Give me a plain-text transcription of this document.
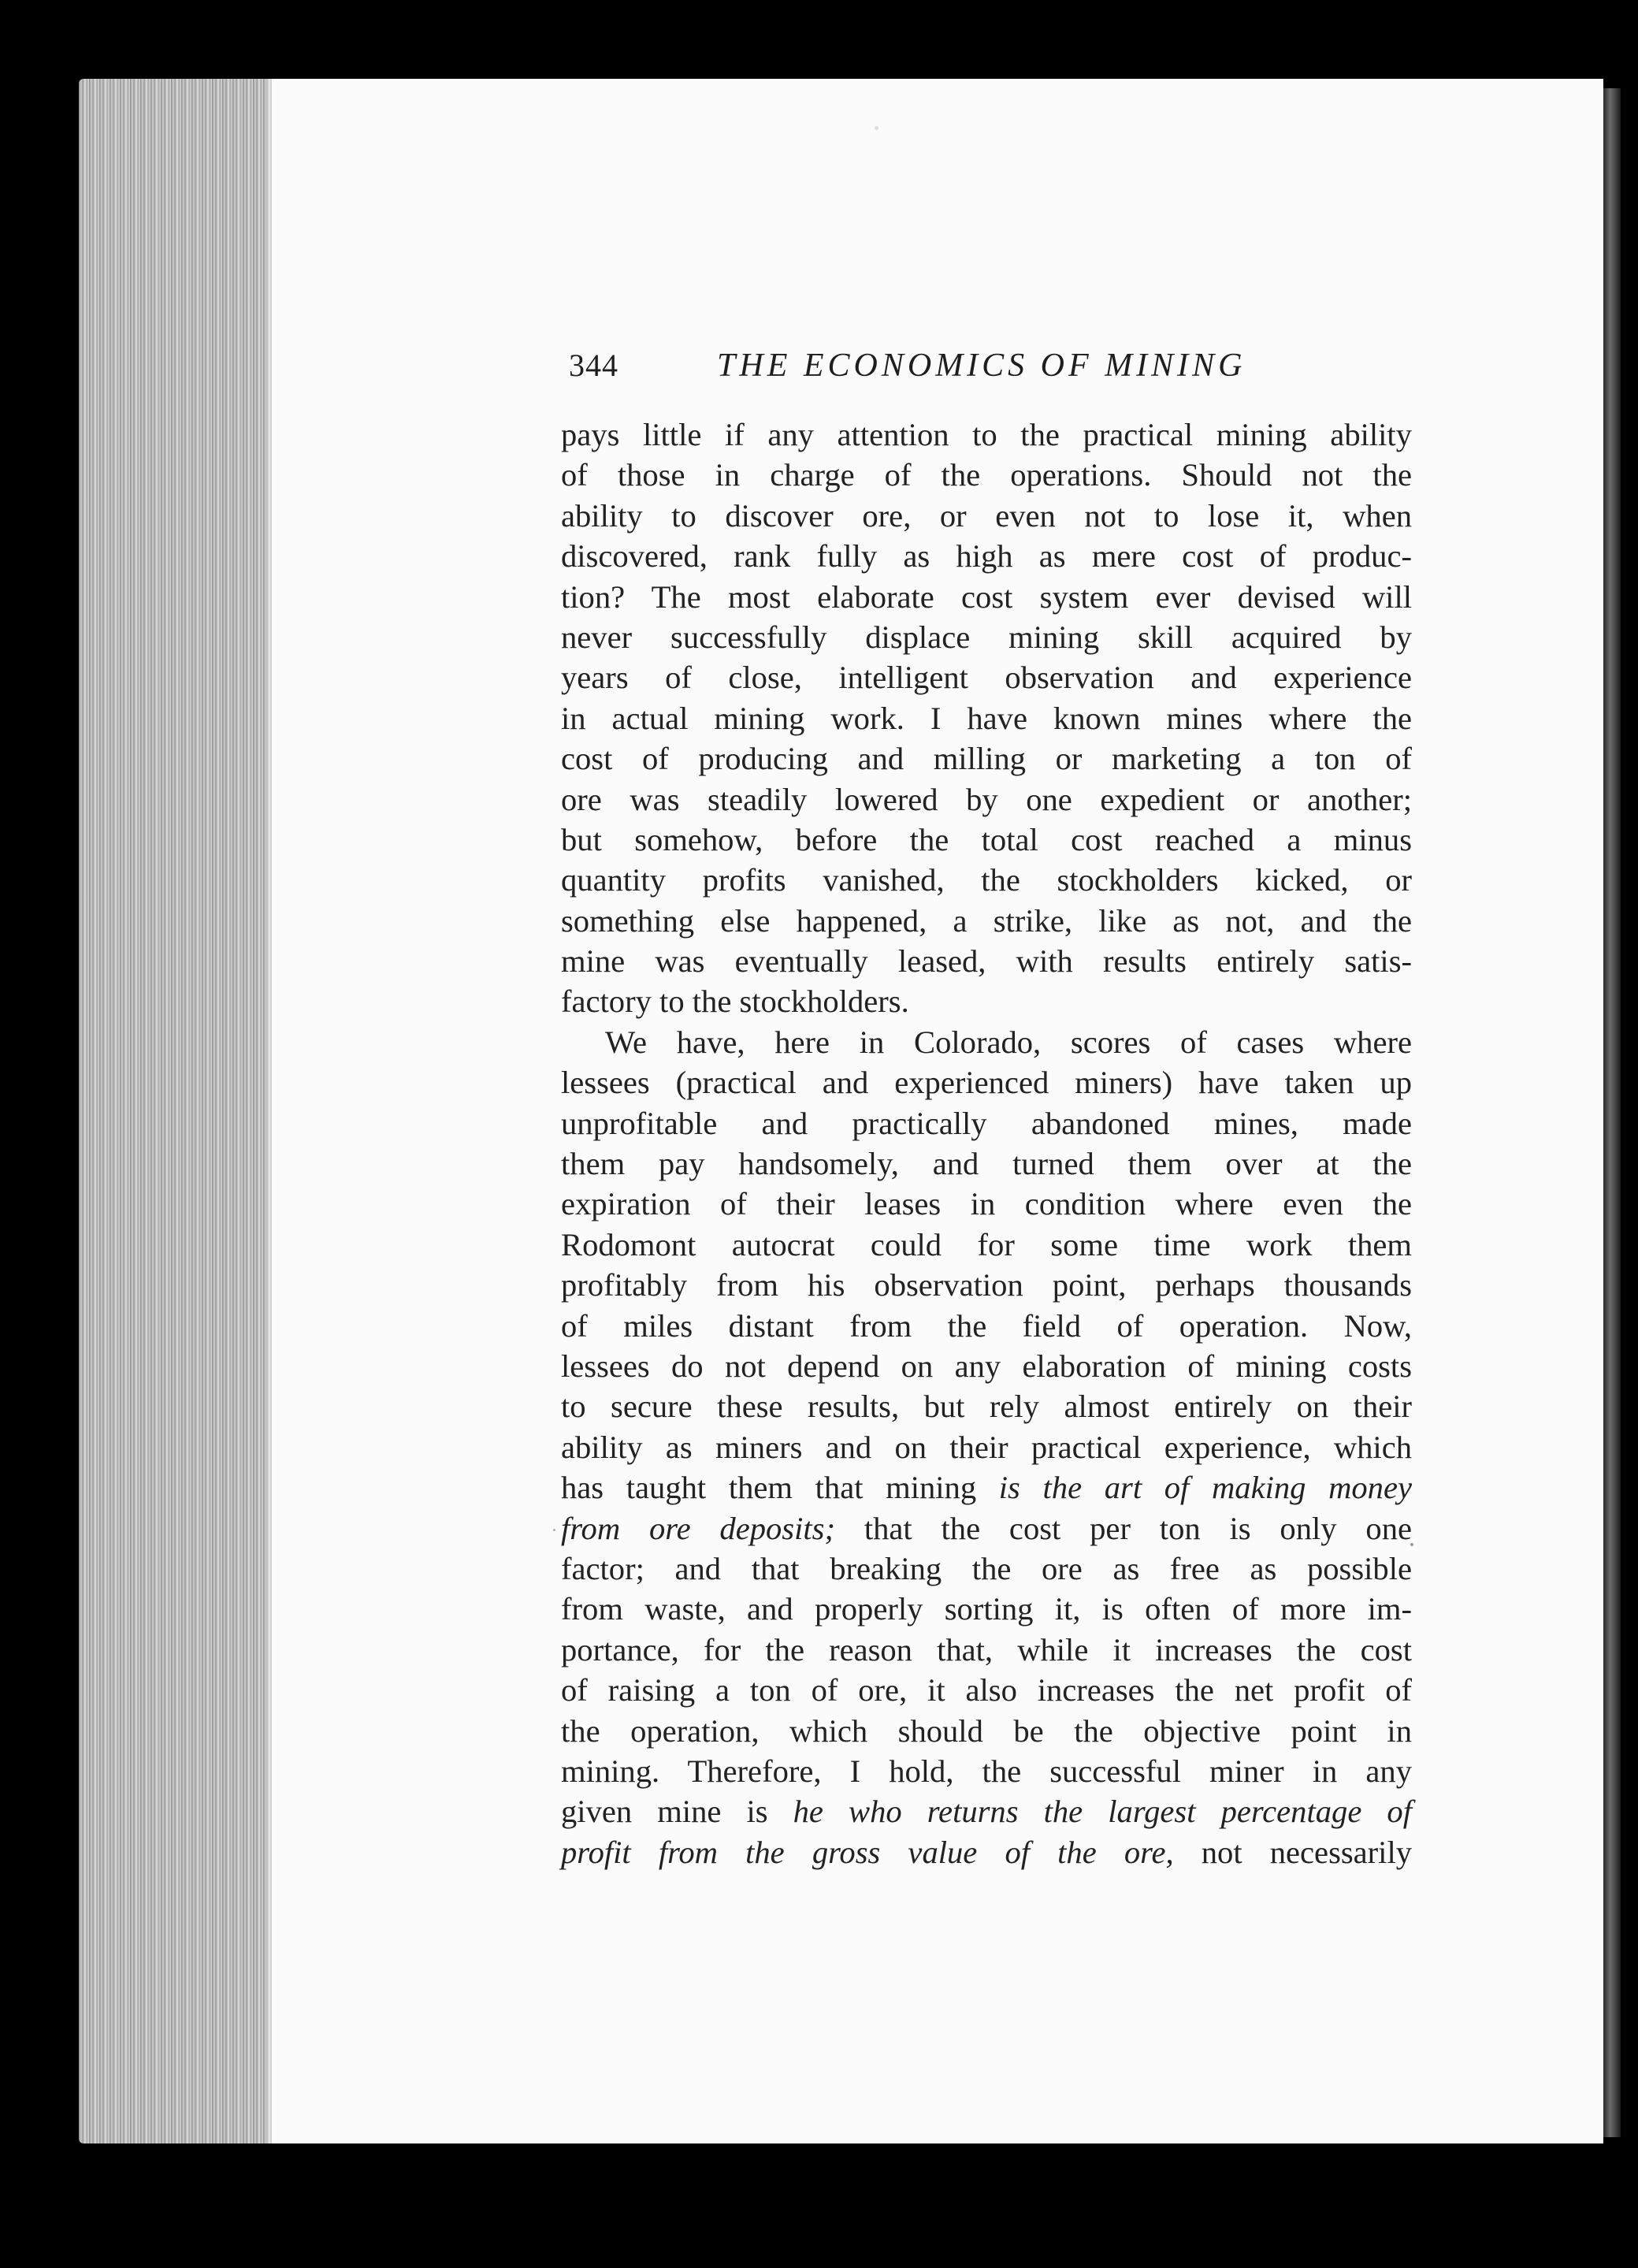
344	THE ECONOMICS OF MINING
pays little if any attention to the practical mining ability
of those in charge of the operations. Should not the
ability to discover ore, or even not to lose it, when
discovered, rank fully as high as mere cost of produc-
tion? The most elaborate cost system ever devised will
never successfully displace mining skill acquired by
years of close, intelligent observation and experience
in actual mining work. I have known mines where the
cost of producing and milling or marketing a ton of
ore was steadily lowered by one expedient or another;
but somehow, before the total cost reached a minus
quantity profits vanished, the stockholders kicked, or
something else happened, a strike, like as not, and the
mine was eventually leased, with results entirely satis-
factory to the stockholders.
We have, here in Colorado, scores of cases where
lessees (practical and experienced miners) have taken up
unprofitable and practically abandoned mines, made
them pay handsomely, and turned them over at the
expiration of their leases in condition where even the
Rodomont autocrat could for some time work them
profitably from his observation point, perhaps thousands
of miles distant from the field of operation. Now,
lessees do not depend on any elaboration of mining costs
to secure these results, but rely almost entirely on their
ability as miners and on their practical experience, which
has taught them that mining is the art of making money
from ore deposits; that the cost per ton is only one
factor; and that breaking the ore as free as possible
from waste, and properly sorting it, is often of more im-
portance, for the reason that, while it increases the cost
of raising a ton of ore, it also increases the net profit of
the operation, which should be the objective point in
mining. Therefore, I hold, the successful miner in any
given mine is he who returns the largest percentage of
profit from the gross value of the ore, not necessarily
